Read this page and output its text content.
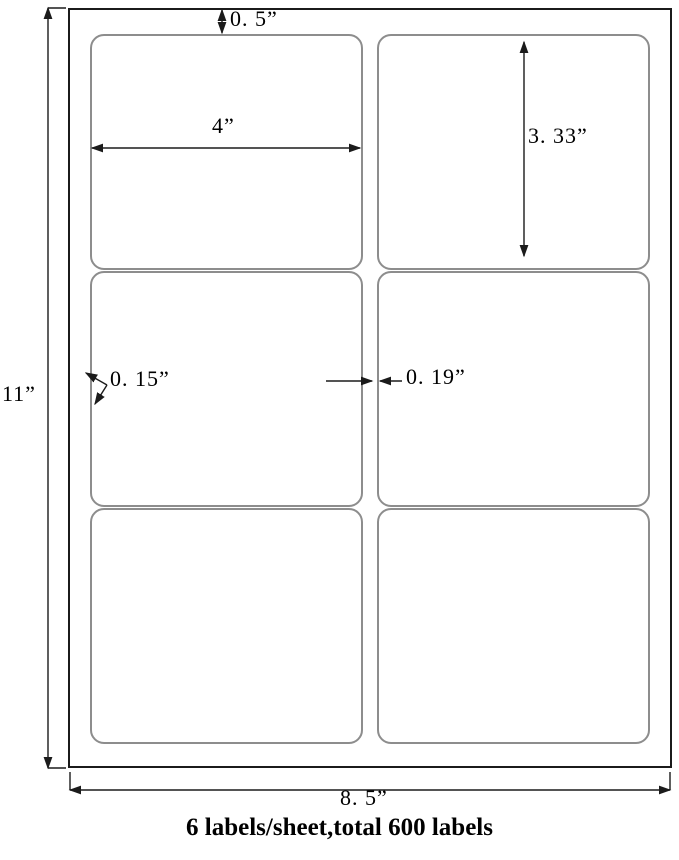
0. 5”
4”	3. 33”
11”
0. 15”	0. 19”
8. 5”
6 labels/sheet,total 600 labels
